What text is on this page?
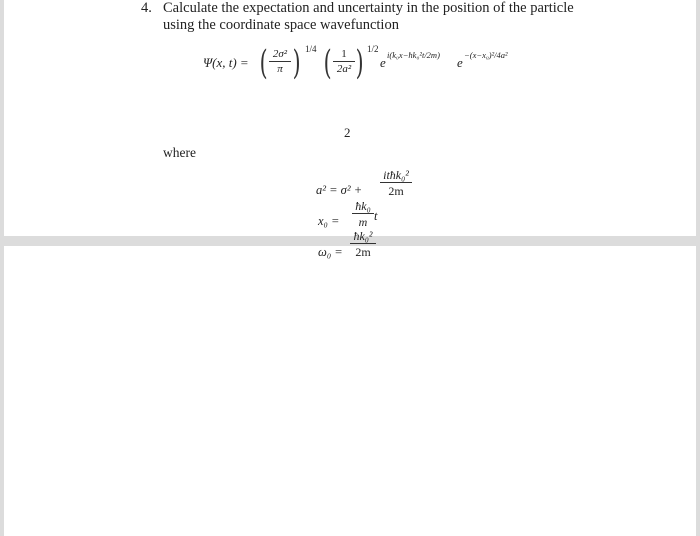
4. Calculate the expectation and uncertainty in the position of the particle
using the coordinate space wavefunction
Ψ(x, t) = ( 2σ²
π ) 1/4 ( 1
2a² ) 1/2
e i(k₀x−ħk₀²t/2m) e −(x−x₀)²/4a²
2
where
a² = σ² +
itħk₀²
2m
x₀ =
ħk₀
m t
ω₀ =
ħk₀²
2m
